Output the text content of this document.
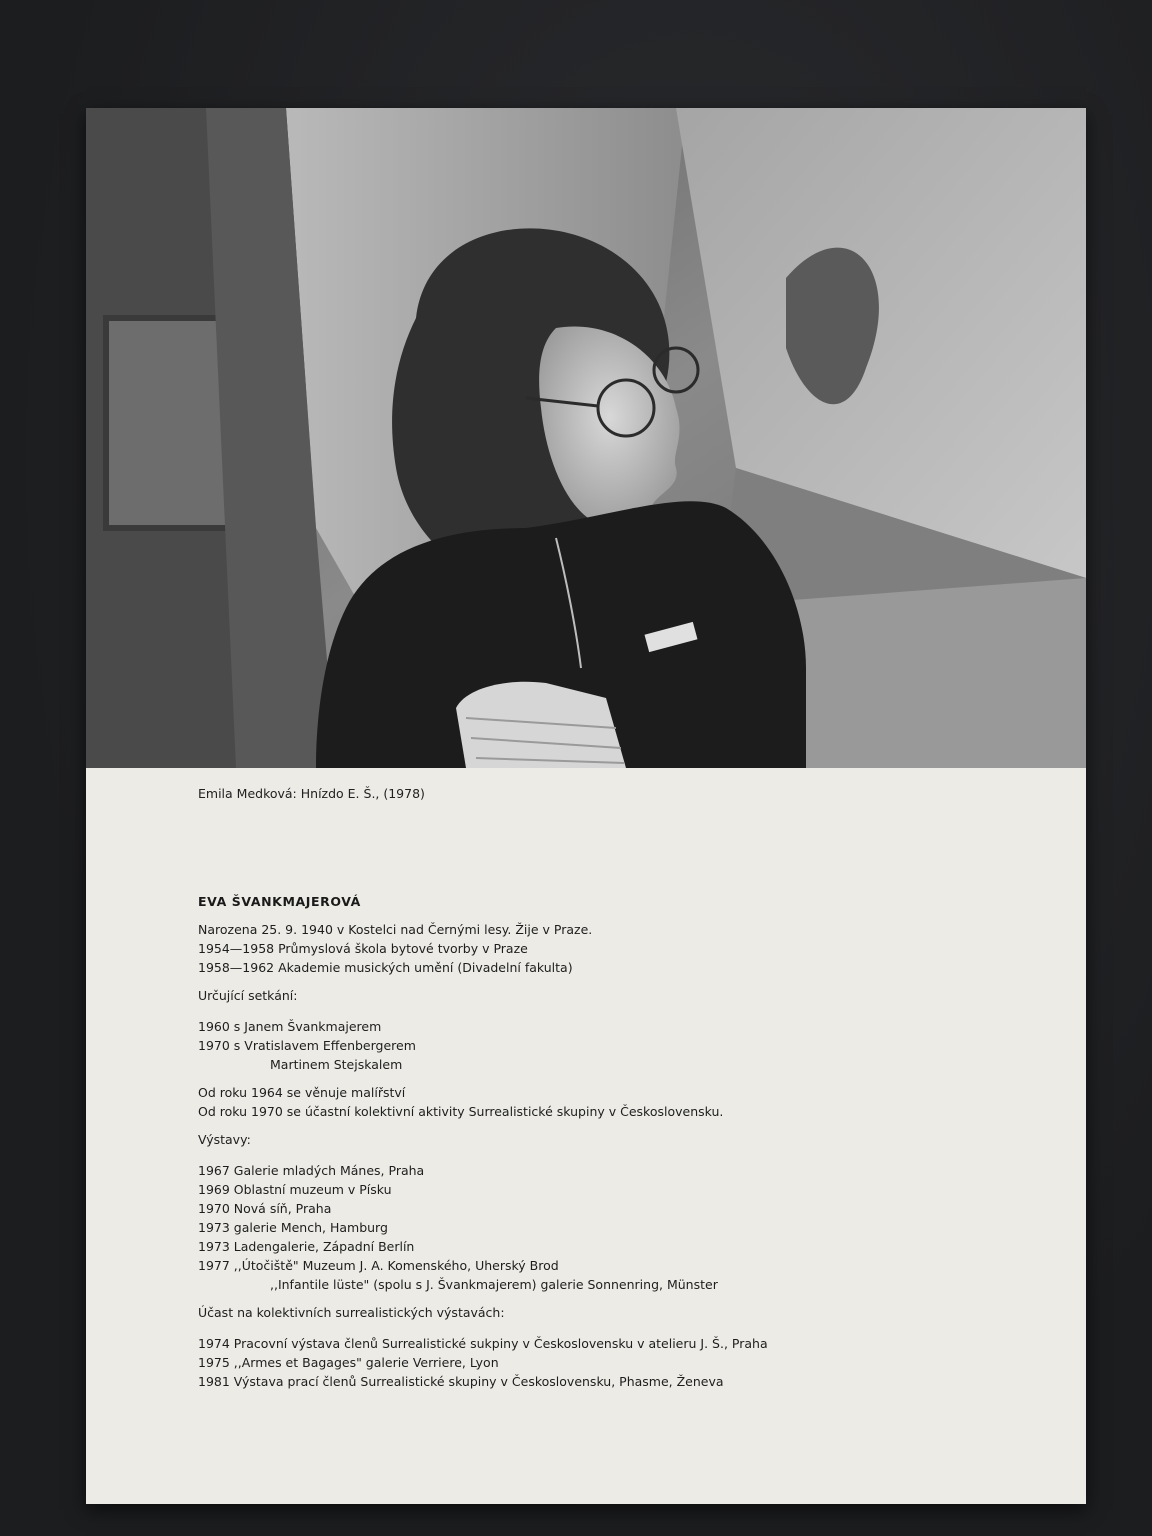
Emila Medková: Hnízdo E. Š., (1978)
EVA ŠVANKMAJEROVÁ
Narozena 25. 9. 1940 v Kostelci nad Černými lesy. Žije v Praze.
1954—1958 Průmyslová škola bytové tvorby v Praze
1958—1962 Akademie musických umění (Divadelní fakulta)
Určující setkání:
1960 s Janem Švankmajerem
1970 s Vratislavem Effenbergerem
Martinem Stejskalem
Od roku 1964 se věnuje malířství
Od roku 1970 se účastní kolektivní aktivity Surrealistické skupiny v Československu.
Výstavy:
1967 Galerie mladých Mánes, Praha
1969 Oblastní muzeum v Písku
1970 Nová síň, Praha
1973 galerie Mench, Hamburg
1973 Ladengalerie, Západní Berlín
1977 ,,Útočiště" Muzeum J. A. Komenského, Uherský Brod
,,Infantile lüste" (spolu s J. Švankmajerem) galerie Sonnenring, Münster
Účast na kolektivních surrealistických výstavách:
1974 Pracovní výstava členů Surrealistické sukpiny v Československu v atelieru J. Š., Praha
1975 ,,Armes et Bagages" galerie Verriere, Lyon
1981 Výstava prací členů Surrealistické skupiny v Československu, Phasme, Ženeva
